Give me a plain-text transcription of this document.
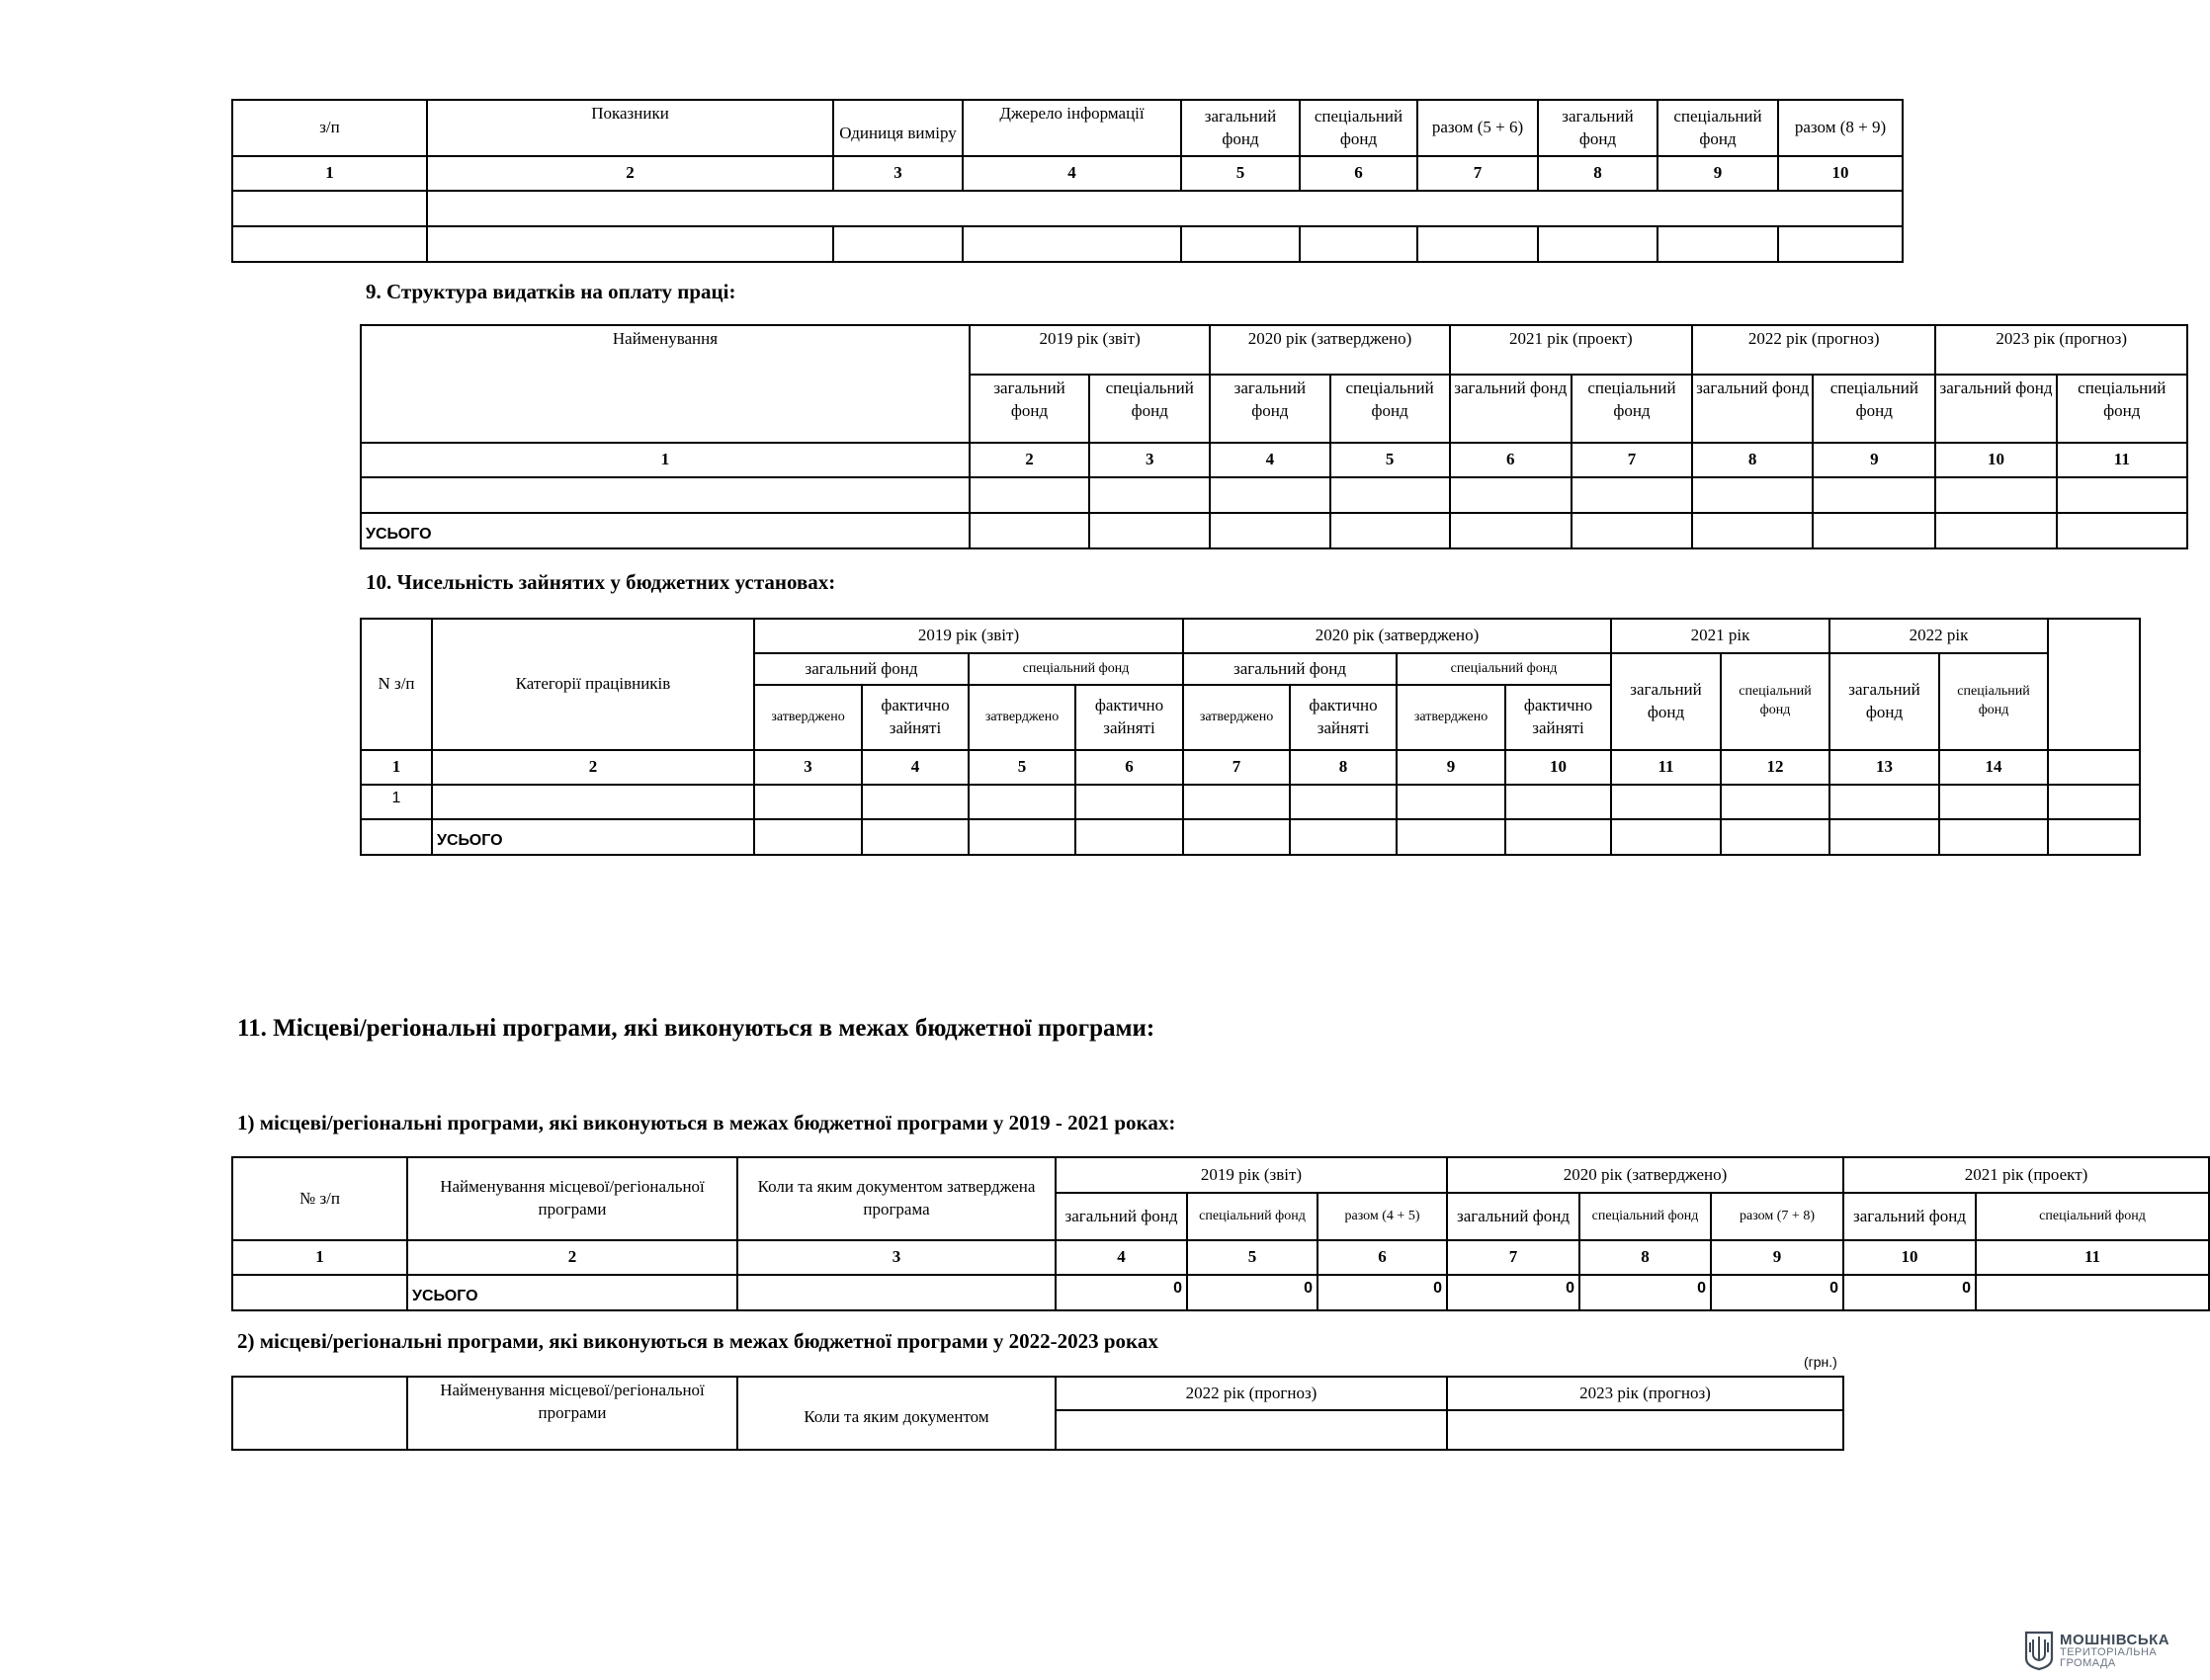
з/п	Показники	Одиниця виміру	Джерело інформації	загальний фонд	спеціальний фонд	разом (5 + 6)	загальний фонд	спеціальний фонд	разом (8 + 9)
1	2	3	4	5	6	7	8	9	10

9. Структура видатків на оплату праці:
Найменування	2019 рік (звіт)		2020 рік (затверджено)		2021 рік (проект)		2022 рік (прогноз)		2023 рік (прогноз)	
	загальний фонд	спеціальний фонд	загальний фонд	спеціальний фонд	загальний фонд	спеціальний фонд	загальний фонд	спеціальний фонд	загальний фонд	спеціальний фонд
1	2	3	4	5	6	7	8	9	10	11

УСЬОГО										
10. Чисельність зайнятих у бюджетних установах:
N з/п	Категорії працівників	2019 рік (звіт)				2020 рік (затверджено)				2021 рік		2022 рік		
		загальний фонд		спеціальний фонд		загальний фонд		спеціальний фонд		загальний фонд	спеціальний фонд	загальний фонд	спеціальний фонд	
		затверджено	фактично зайняті	затверджено	фактично зайняті	затверджено	фактично зайняті	затверджено	фактично зайняті					
1	2	3	4	5	6	7	8	9	10	11	12	13	14	
1														
	УСЬОГО													
11. Місцеві/регіональні програми, які виконуються в межах бюджетної програми:
1) місцеві/регіональні програми, які виконуються в межах бюджетної програми у 2019 - 2021 роках:
№ з/п	Найменування місцевої/регіональної програми	Коли та яким документом затверджена програма	2019 рік (звіт)			2020 рік (затверджено)			2021 рік (проект)	
			загальний фонд	спеціальний фонд	разом (4 + 5)	загальний фонд	спеціальний фонд	разом (7 + 8)	загальний фонд	спеціальний фонд
1	2	3	4	5	6	7	8	9	10	11
	УСЬОГО		0	0	0	0	0	0	0	
2) місцеві/регіональні програми, які виконуються в межах бюджетної програми у 2022-2023 роках
(грн.)
	Найменування місцевої/регіональної програми	Коли та яким документом	2022 рік (прогноз)	2023 рік (прогноз)

МОШНІВСЬКА
ТЕРИТОРІАЛЬНА
ГРОМАДА
